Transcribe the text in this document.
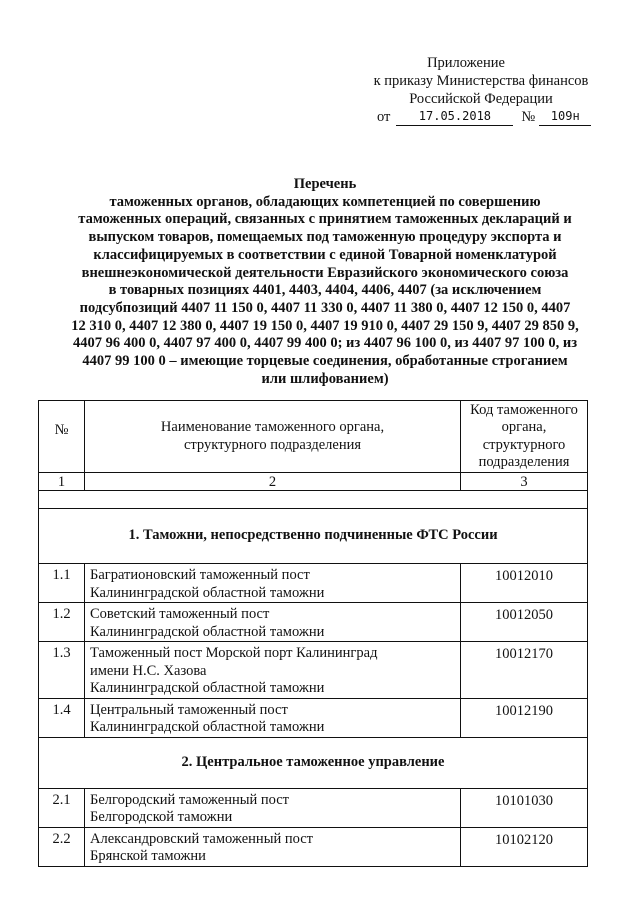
Приложение
к приказу Министерства финансов
Российской Федерации
от	17.05.2018	№	109н
Перечень
таможенных органов, обладающих компетенцией по совершению
таможенных операций, связанных с принятием таможенных деклараций и
выпуском товаров, помещаемых под таможенную процедуру экспорта и
классифицируемых в соответствии с единой Товарной номенклатурой
внешнеэкономической деятельности Евразийского экономического союза
в товарных позициях 4401, 4403, 4404, 4406, 4407 (за исключением
подсубпозиций 4407 11 150 0, 4407 11 330 0, 4407 11 380 0, 4407 12 150 0, 4407
12 310 0, 4407 12 380 0, 4407 19 150 0, 4407 19 910 0, 4407 29 150 9, 4407 29 850 9,
4407 96 400 0, 4407 97 400 0, 4407 99 400 0; из 4407 96 100 0, из 4407 97 100 0, из
4407 99 100 0 – имеющие торцевые соединения, обработанные строганием
или шлифованием)
№	Наименование таможенного органа,
структурного подразделения	Код таможенного
органа,
структурного
подразделения

1	2	3

1. Таможни, непосредственно подчиненные ФТС России		
1.1	Багратионовский таможенный пост
Калининградской областной таможни	10012010
1.2	Советский таможенный пост
Калининградской областной таможни	10012050
1.3	Таможенный пост Морской порт Калининград
имени Н.С. Хазова
Калининградской областной таможни	10012170
1.4	Центральный таможенный пост
Калининградской областной таможни	10012190
2. Центральное таможенное управление		
2.1	Белгородский таможенный пост
Белгородской таможни	10101030
2.2	Александровский таможенный пост
Брянской таможни	10102120
